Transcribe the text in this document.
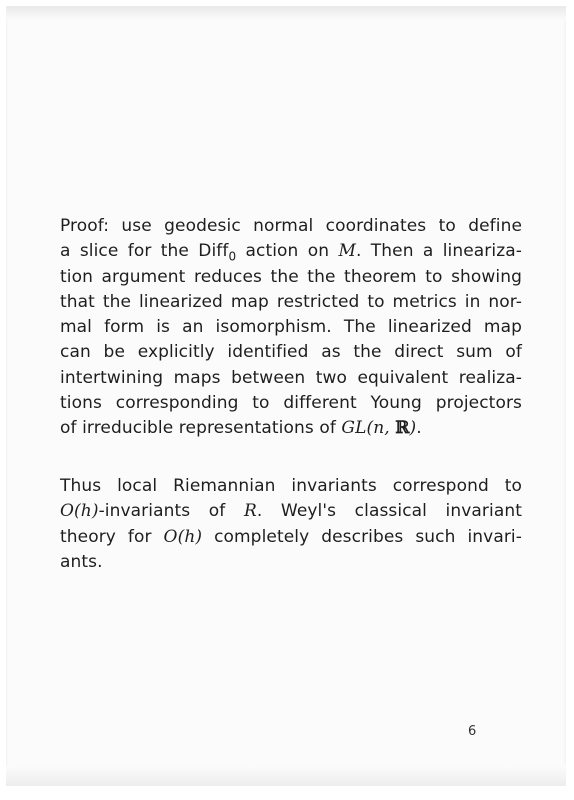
Proof: use geodesic normal coordinates to define
a slice for the Diff$_0$ action on M. Then a lineariza-
tion argument reduces the the theorem to showing
that the linearized map restricted to metrics in nor-
mal form is an isomorphism. The linearized map
can be explicitly identified as the direct sum of
intertwining maps between two equivalent realiza-
tions corresponding to different Young projectors
of irreducible representations of GL(n, ℝ).
Thus local Riemannian invariants correspond to
O(h)-invariants of R. Weyl's classical invariant
theory for O(h) completely describes such invari-
ants.
6
